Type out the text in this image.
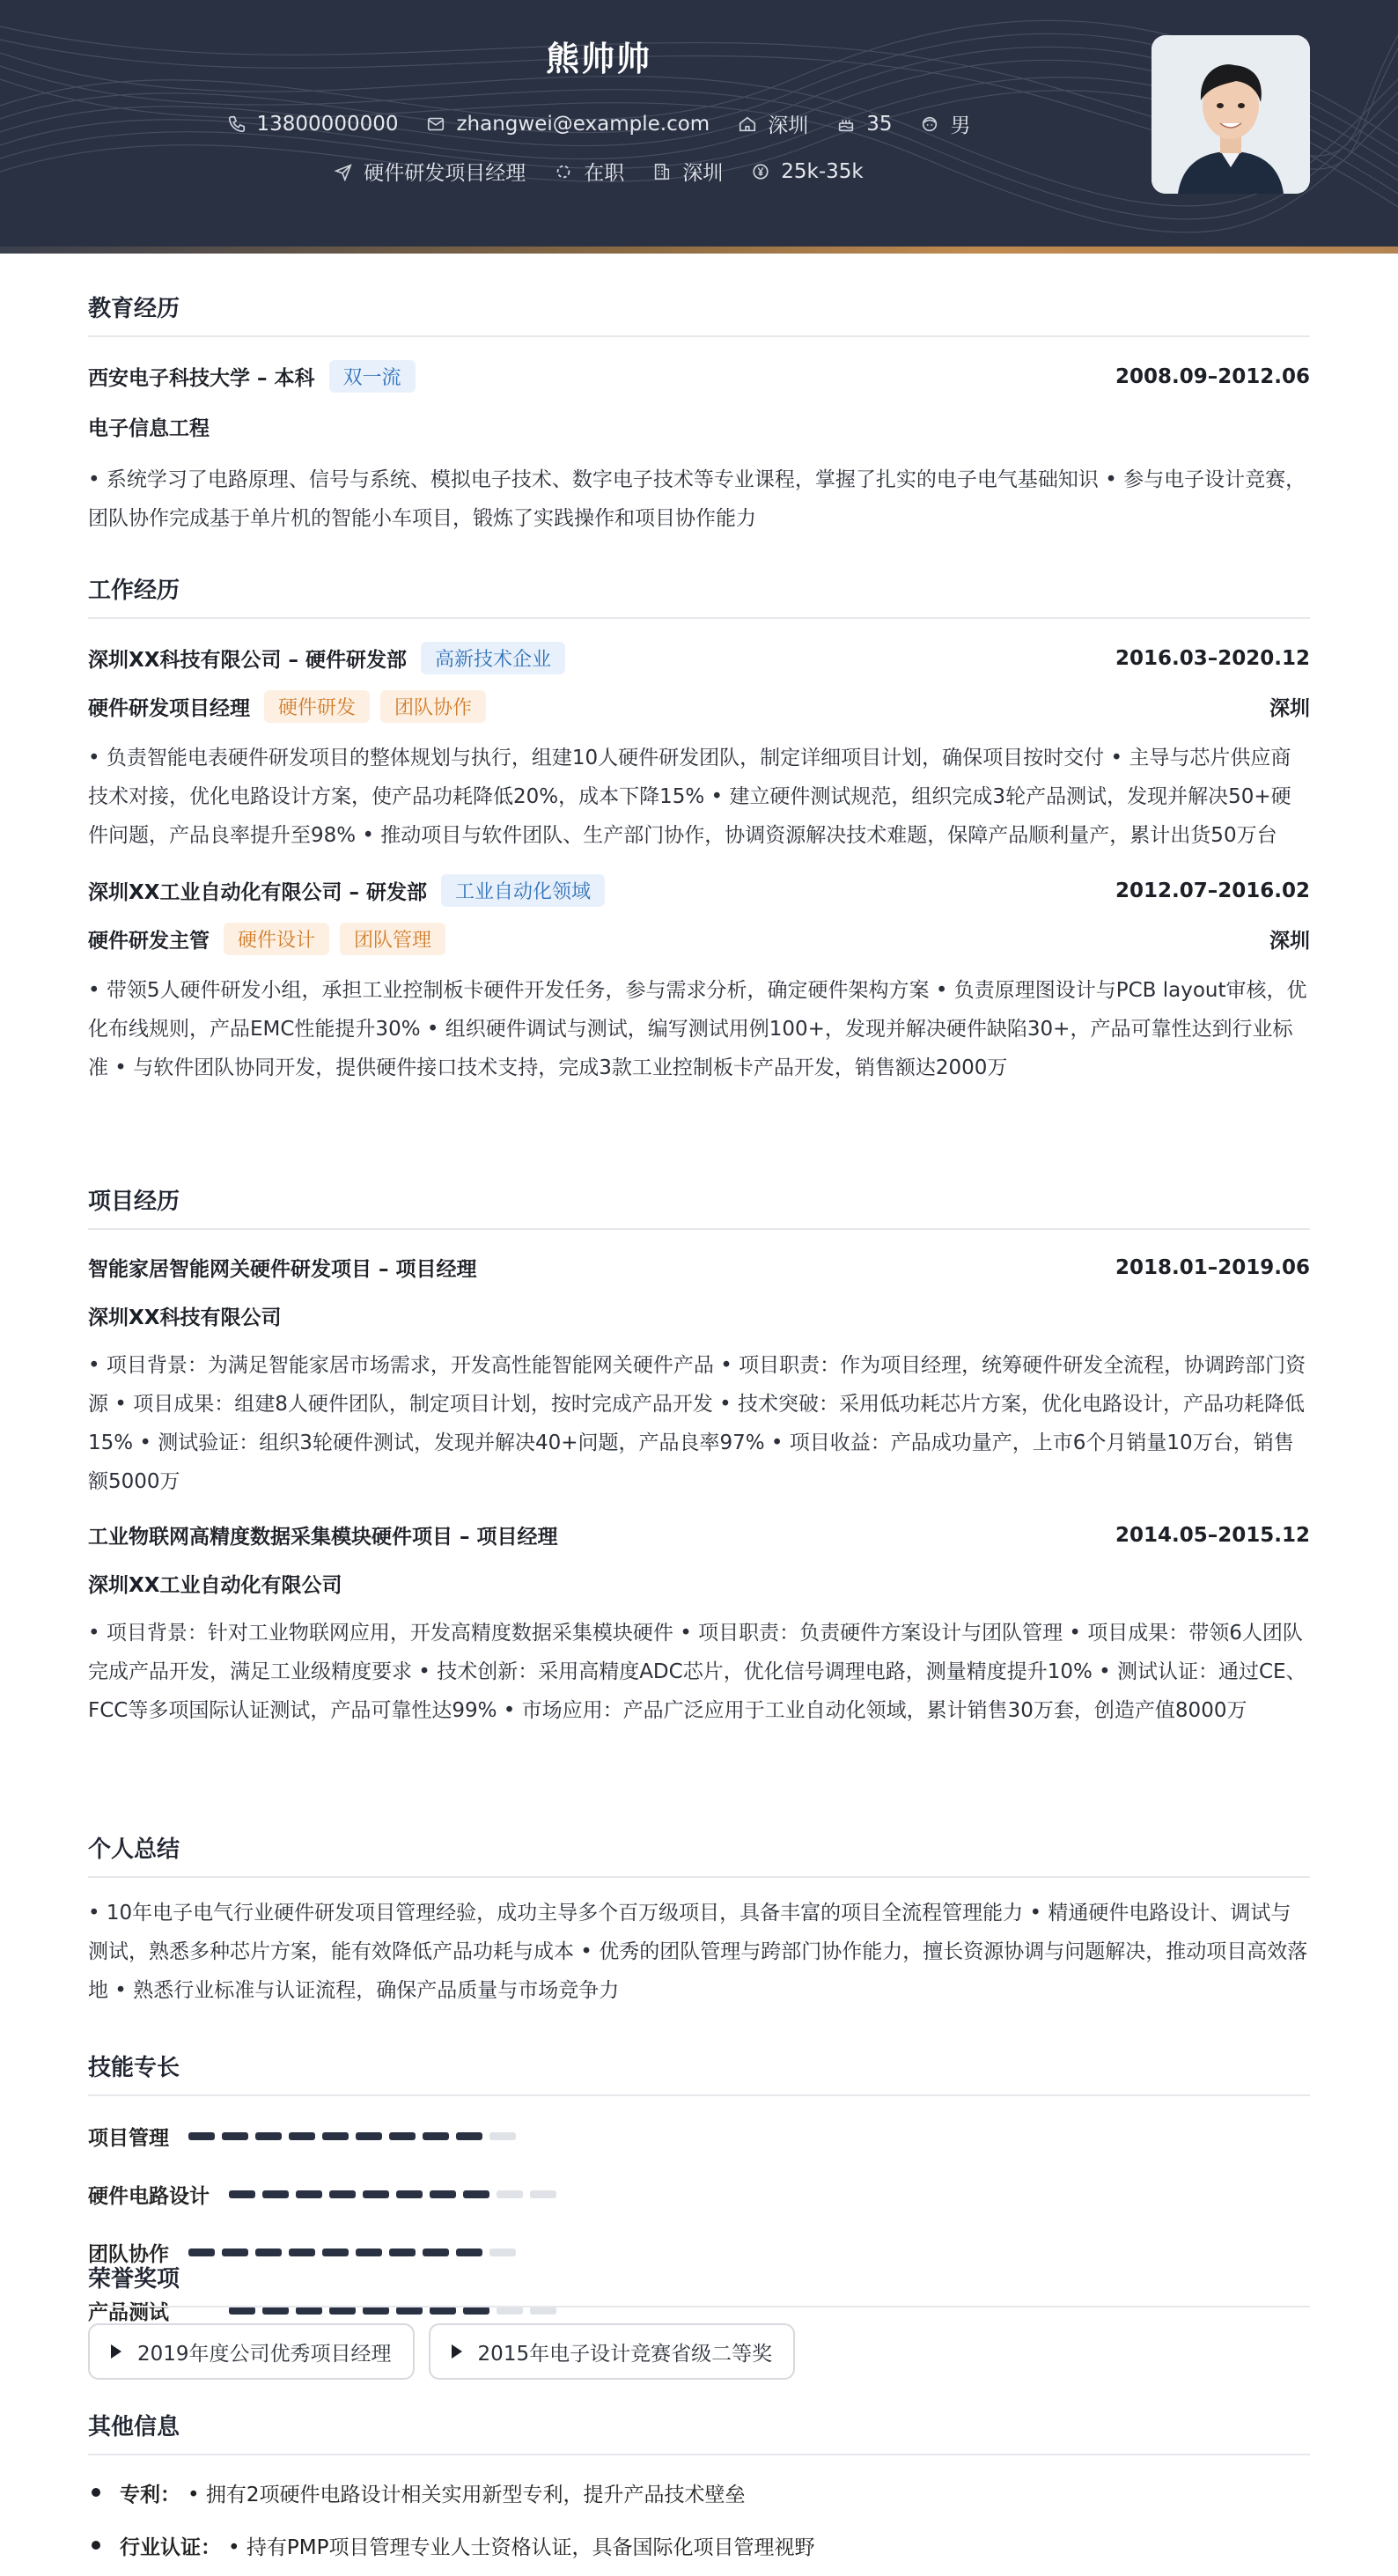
熊帅帅
13800000000	zhangwei@example.com	深圳	35	男
硬件研发项目经理	在职	深圳	25k-35k
教育经历
西安电子科技大学 – 本科	双一流	2008.09–2012.06
电子信息工程
• 系统学习了电路原理、信号与系统、模拟电子技术、数字电子技术等专业课程，掌握了扎实的电子电气基础知识 • 参与电子设计竞赛，团队协作完成基于单片机的智能小车项目，锻炼了实践操作和项目协作能力
工作经历
深圳XX科技有限公司 – 硬件研发部	高新技术企业	2016.03–2020.12
硬件研发项目经理	硬件研发	团队协作	深圳
• 负责智能电表硬件研发项目的整体规划与执行，组建10人硬件研发团队，制定详细项目计划，确保项目按时交付 • 主导与芯片供应商技术对接，优化电路设计方案，使产品功耗降低20%，成本下降15% • 建立硬件测试规范，组织完成3轮产品测试，发现并解决50+硬件问题，产品良率提升至98% • 推动项目与软件团队、生产部门协作，协调资源解决技术难题，保障产品顺利量产，累计出货50万台
深圳XX工业自动化有限公司 – 研发部	工业自动化领域	2012.07–2016.02
硬件研发主管	硬件设计	团队管理	深圳
• 带领5人硬件研发小组，承担工业控制板卡硬件开发任务，参与需求分析，确定硬件架构方案 • 负责原理图设计与PCB layout审核，优化布线规则，产品EMC性能提升30% • 组织硬件调试与测试，编写测试用例100+，发现并解决硬件缺陷30+，产品可靠性达到行业标准 • 与软件团队协同开发，提供硬件接口技术支持，完成3款工业控制板卡产品开发，销售额达2000万
项目经历
智能家居智能网关硬件研发项目 – 项目经理	2018.01–2019.06
深圳XX科技有限公司
• 项目背景：为满足智能家居市场需求，开发高性能智能网关硬件产品 • 项目职责：作为项目经理，统筹硬件研发全流程，协调跨部门资源 • 项目成果：组建8人硬件团队，制定项目计划，按时完成产品开发 • 技术突破：采用低功耗芯片方案，优化电路设计，产品功耗降低15% • 测试验证：组织3轮硬件测试，发现并解决40+问题，产品良率97% • 项目收益：产品成功量产，上市6个月销量10万台，销售额5000万
工业物联网高精度数据采集模块硬件项目 – 项目经理	2014.05–2015.12
深圳XX工业自动化有限公司
• 项目背景：针对工业物联网应用，开发高精度数据采集模块硬件 • 项目职责：负责硬件方案设计与团队管理 • 项目成果：带领6人团队完成产品开发，满足工业级精度要求 • 技术创新：采用高精度ADC芯片，优化信号调理电路，测量精度提升10% • 测试认证：通过CE、FCC等多项国际认证测试，产品可靠性达99% • 市场应用：产品广泛应用于工业自动化领域，累计销售30万套，创造产值8000万
个人总结
• 10年电子电气行业硬件研发项目管理经验，成功主导多个百万级项目，具备丰富的项目全流程管理能力 • 精通硬件电路设计、调试与测试，熟悉多种芯片方案，能有效降低产品功耗与成本 • 优秀的团队管理与跨部门协作能力，擅长资源协调与问题解决，推动项目高效落地 • 熟悉行业标准与认证流程，确保产品质量与市场竞争力
技能专长
项目管理
硬件电路设计
团队协作
产品测试
荣誉奖项
2019年度公司优秀项目经理	2015年电子设计竞赛省级二等奖
其他信息
专利： • 拥有2项硬件电路设计相关实用新型专利，提升产品技术壁垒
行业认证： • 持有PMP项目管理专业人士资格认证，具备国际化项目管理视野
